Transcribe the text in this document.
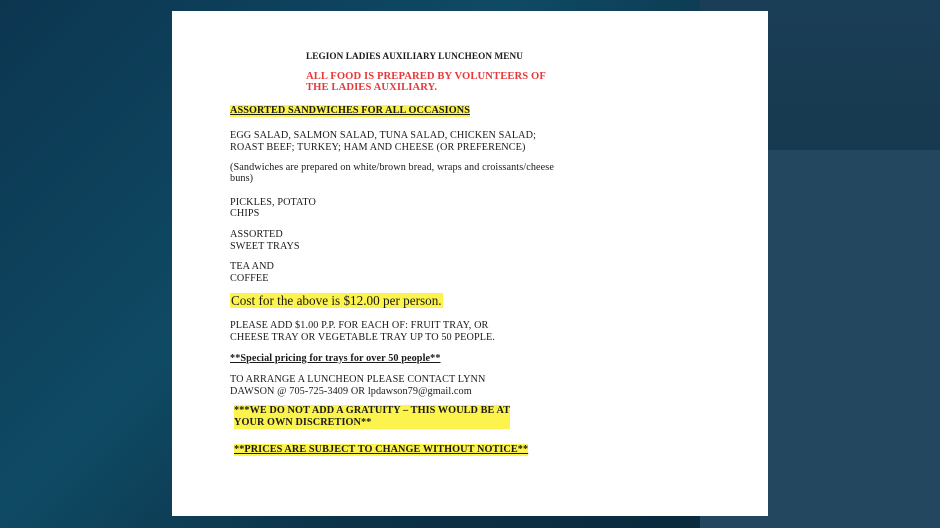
LEGION LADIES AUXILIARY LUNCHEON MENU

ALL FOOD IS PREPARED BY VOLUNTEERS OF

THE LADIES AUXILIARY.

ASSORTED SANDWICHES FOR ALL OCCASIONS

EGG SALAD, SALMON SALAD, TUNA SALAD, CHICKEN SALAD;

ROAST BEEF; TURKEY; HAM AND CHEESE (OR PREFERENCE)

(Sandwiches are prepared on white/brown bread, wraps and croissants/cheese

buns)

PICKLES, POTATO

CHIPS

ASSORTED

SWEET TRAYS

TEA AND

COFFEE

Cost for the above is $12.00 per person.

PLEASE ADD $1.00 P.P. FOR EACH OF: FRUIT TRAY, OR

CHEESE TRAY OR VEGETABLE TRAY UP TO 50 PEOPLE.

**Special pricing for trays for over 50 people**

TO ARRANGE A LUNCHEON PLEASE CONTACT LYNN

DAWSON @ 705-725-3409 OR lpdawson79@gmail.com

***WE DO NOT ADD A GRATUITY – THIS WOULD BE AT

YOUR OWN DISCRETION**

**PRICES ARE SUBJECT TO CHANGE WITHOUT NOTICE**
